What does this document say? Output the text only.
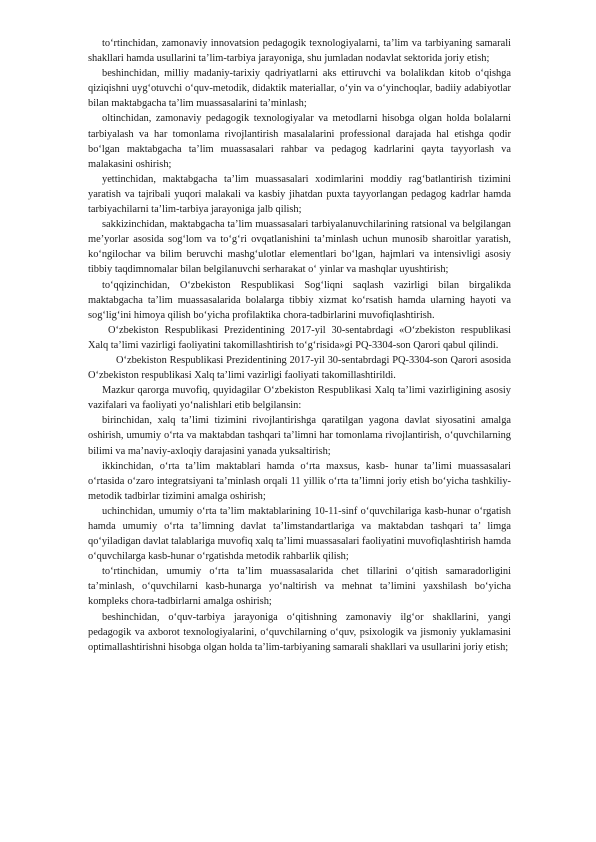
to‘rtinchidan, zamonaviy innovatsion pedagogik texnologiyalarni, ta’lim va tarbiyaning samarali shakllari hamda usullarini ta’lim-tarbiya jarayoniga, shu jumladan nodavlat sektorida joriy etish;

beshinchidan, milliy madaniy-tarixiy qadriyatlarni aks ettiruvchi va bolalikdan kitob o‘qishga qiziqishni uyg‘otuvchi o‘quv-metodik, didaktik materiallar, o‘yin va o‘yinchoqlar, badiiy adabiyotlar bilan maktabgacha ta’lim muassasalarini ta’minlash;

oltinchidan, zamonaviy pedagogik texnologiyalar va metodlarni hisobga olgan holda bolalarni tarbiyalash va har tomonlama rivojlantirish masalalarini professional darajada hal etishga qodir bo‘lgan maktabgacha ta’lim muassasalari rahbar va pedagog kadrlarini qayta tayyorlash va malakasini oshirish;

yettinchidan, maktabgacha ta’lim muassasalari xodimlarini moddiy rag‘batlantirish tizimini yaratish va tajribali yuqori malakali va kasbiy jihatdan puxta tayyorlangan pedagog kadrlar hamda tarbiyachilarni ta’lim-tarbiya jarayoniga jalb qilish;

sakkizinchidan, maktabgacha ta’lim muassasalari tarbiyalanuvchilarining ratsional va belgilangan me’yorlar asosida sog‘lom va to‘g‘ri ovqatlanishini ta’minlash uchun munosib sharoitlar yaratish, ko‘ngilochar va bilim beruvchi mashg‘ulotlar elementlari bo‘lgan, hajmlari va intensivligi asosiy tibbiy taqdimnomalar bilan belgilanuvchi serharakat o‘ yinlar va mashqlar uyushtirish;

to‘qqizinchidan, O‘zbekiston Respublikasi Sog‘liqni saqlash vazirligi bilan birgalikda maktabgacha ta’lim muassasalarida bolalarga tibbiy xizmat ko‘rsatish hamda ularning hayoti va sog‘lig‘ini himoya qilish bo‘yicha profilaktika chora-tadbirlarini muvofiqlashtirish.

O‘zbekiston Respublikasi Prezidentining 2017-yil 30-sentabrdagi «O‘zbekiston respublikasi Xalq ta’limi vazirligi faoliyatini takomillashtirish to‘g‘risida»gi PQ-3304-son Qarori qabul qilindi.

O‘zbekiston Respublikasi Prezidentining 2017-yil 30-sentabrdagi PQ-3304-son Qarori asosida O‘zbekiston respublikasi Xalq ta’limi vazirligi faoliyati takomillashtirildi.

Mazkur qarorga muvofiq, quyidagilar O‘zbekiston Respublikasi Xalq ta’limi vazirligining asosiy vazifalari va faoliyati yo‘nalishlari etib belgilansin:

birinchidan, xalq ta’limi tizimini rivojlantirishga qaratilgan yagona davlat siyosatini amalga oshirish, umumiy o‘rta va maktabdan tashqari ta’limni har tomonlama rivojlantirish, o‘quvchilarning bilimi va ma’naviy-axloqiy darajasini yanada yuksaltirish;

ikkinchidan, o‘rta ta’lim maktablari hamda o‘rta maxsus, kasb- hunar ta’limi muassasalari o‘rtasida o‘zaro integratsiyani ta’minlash orqali 11 yillik o‘rta ta’limni joriy etish bo‘yicha tashkiliy-metodik tadbirlar tizimini amalga oshirish;

uchinchidan, umumiy o‘rta ta’lim maktablarining 10-11-sinf o‘quvchilariga kasb-hunar o‘rgatish hamda umumiy o‘rta ta’limning davlat ta’limstandartlariga va maktabdan tashqari ta’ limga qo‘yiladigan davlat talablariga muvofiq xalq ta’limi muassasalari faoliyatini muvofiqlashtirish hamda o‘quvchilarga kasb-hunar o‘rgatishda metodik rahbarlik qilish;

to‘rtinchidan, umumiy o‘rta ta’lim muassasalarida chet tillarini o‘qitish samaradorligini ta’minlash, o‘quvchilarni kasb-hunarga yo‘naltirish va mehnat ta’limini yaxshilash bo‘yicha kompleks chora-tadbirlarni amalga oshirish;

beshinchidan, o‘quv-tarbiya jarayoniga o‘qitishning zamonaviy ilg‘or shakllarini, yangi pedagogik va axborot texnologiyalarini, o‘quvchilarning o‘quv, psixologik va jismoniy yuklamasini optimallashtirishni hisobga olgan holda ta’lim-tarbiyaning samarali shakllari va usullarini joriy etish;
